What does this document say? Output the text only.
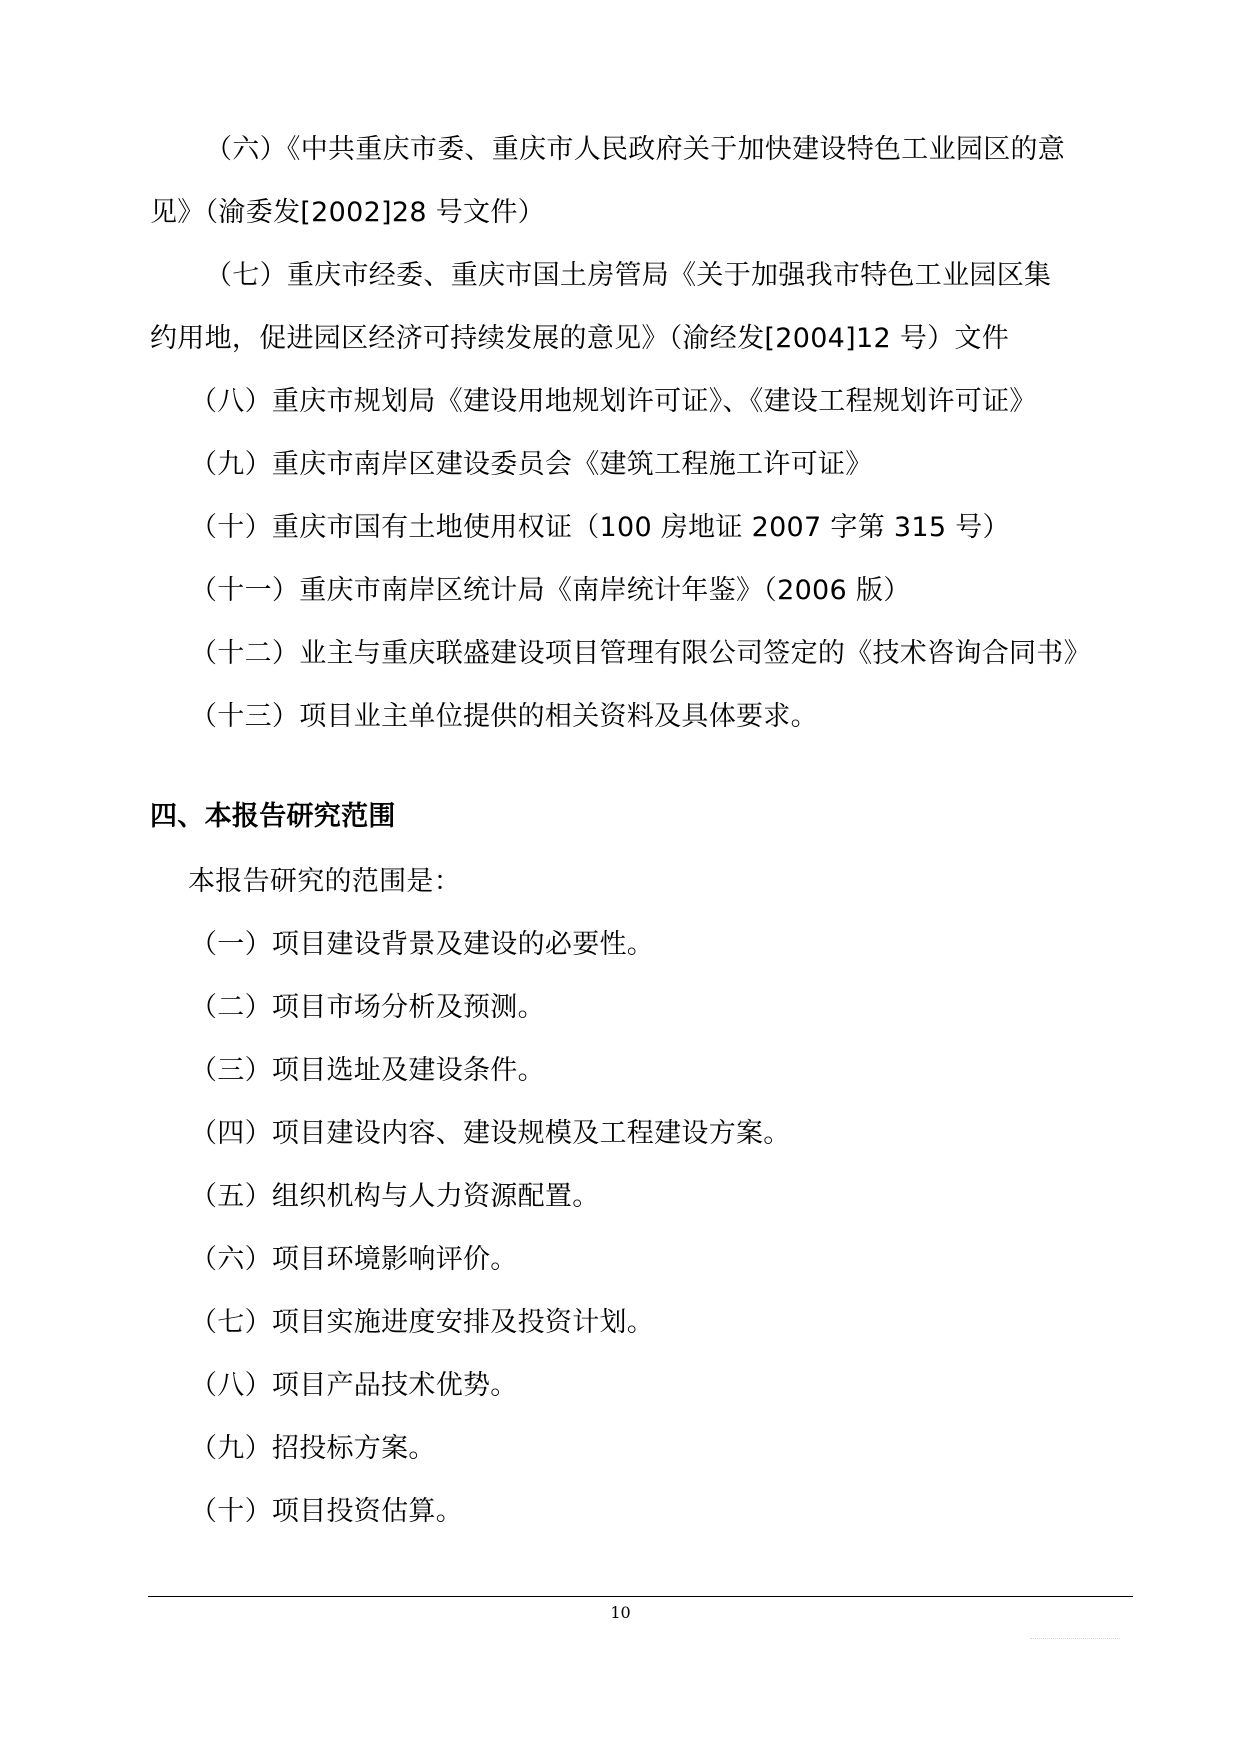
（六）《中共重庆市委、重庆市人民政府关于加快建设特色工业园区的意
见》（渝委发[2002]28 号文件）
（七）重庆市经委、重庆市国土房管局《关于加强我市特色工业园区集
约用地，促进园区经济可持续发展的意见》（渝经发[2004]12 号）文件
（八）重庆市规划局《建设用地规划许可证》、《建设工程规划许可证》
（九）重庆市南岸区建设委员会《建筑工程施工许可证》
（十）重庆市国有土地使用权证（100 房地证 2007 字第 315 号）
（十一）重庆市南岸区统计局《南岸统计年鉴》（2006 版）
（十二）业主与重庆联盛建设项目管理有限公司签定的《技术咨询合同书》
（十三）项目业主单位提供的相关资料及具体要求。
四、本报告研究范围
本报告研究的范围是：
（一）项目建设背景及建设的必要性。
（二）项目市场分析及预测。
（三）项目选址及建设条件。
（四）项目建设内容、建设规模及工程建设方案。
（五）组织机构与人力资源配置。
（六）项目环境影响评价。
（七）项目实施进度安排及投资计划。
（八）项目产品技术优势。
（九）招投标方案。
（十）项目投资估算。
10
